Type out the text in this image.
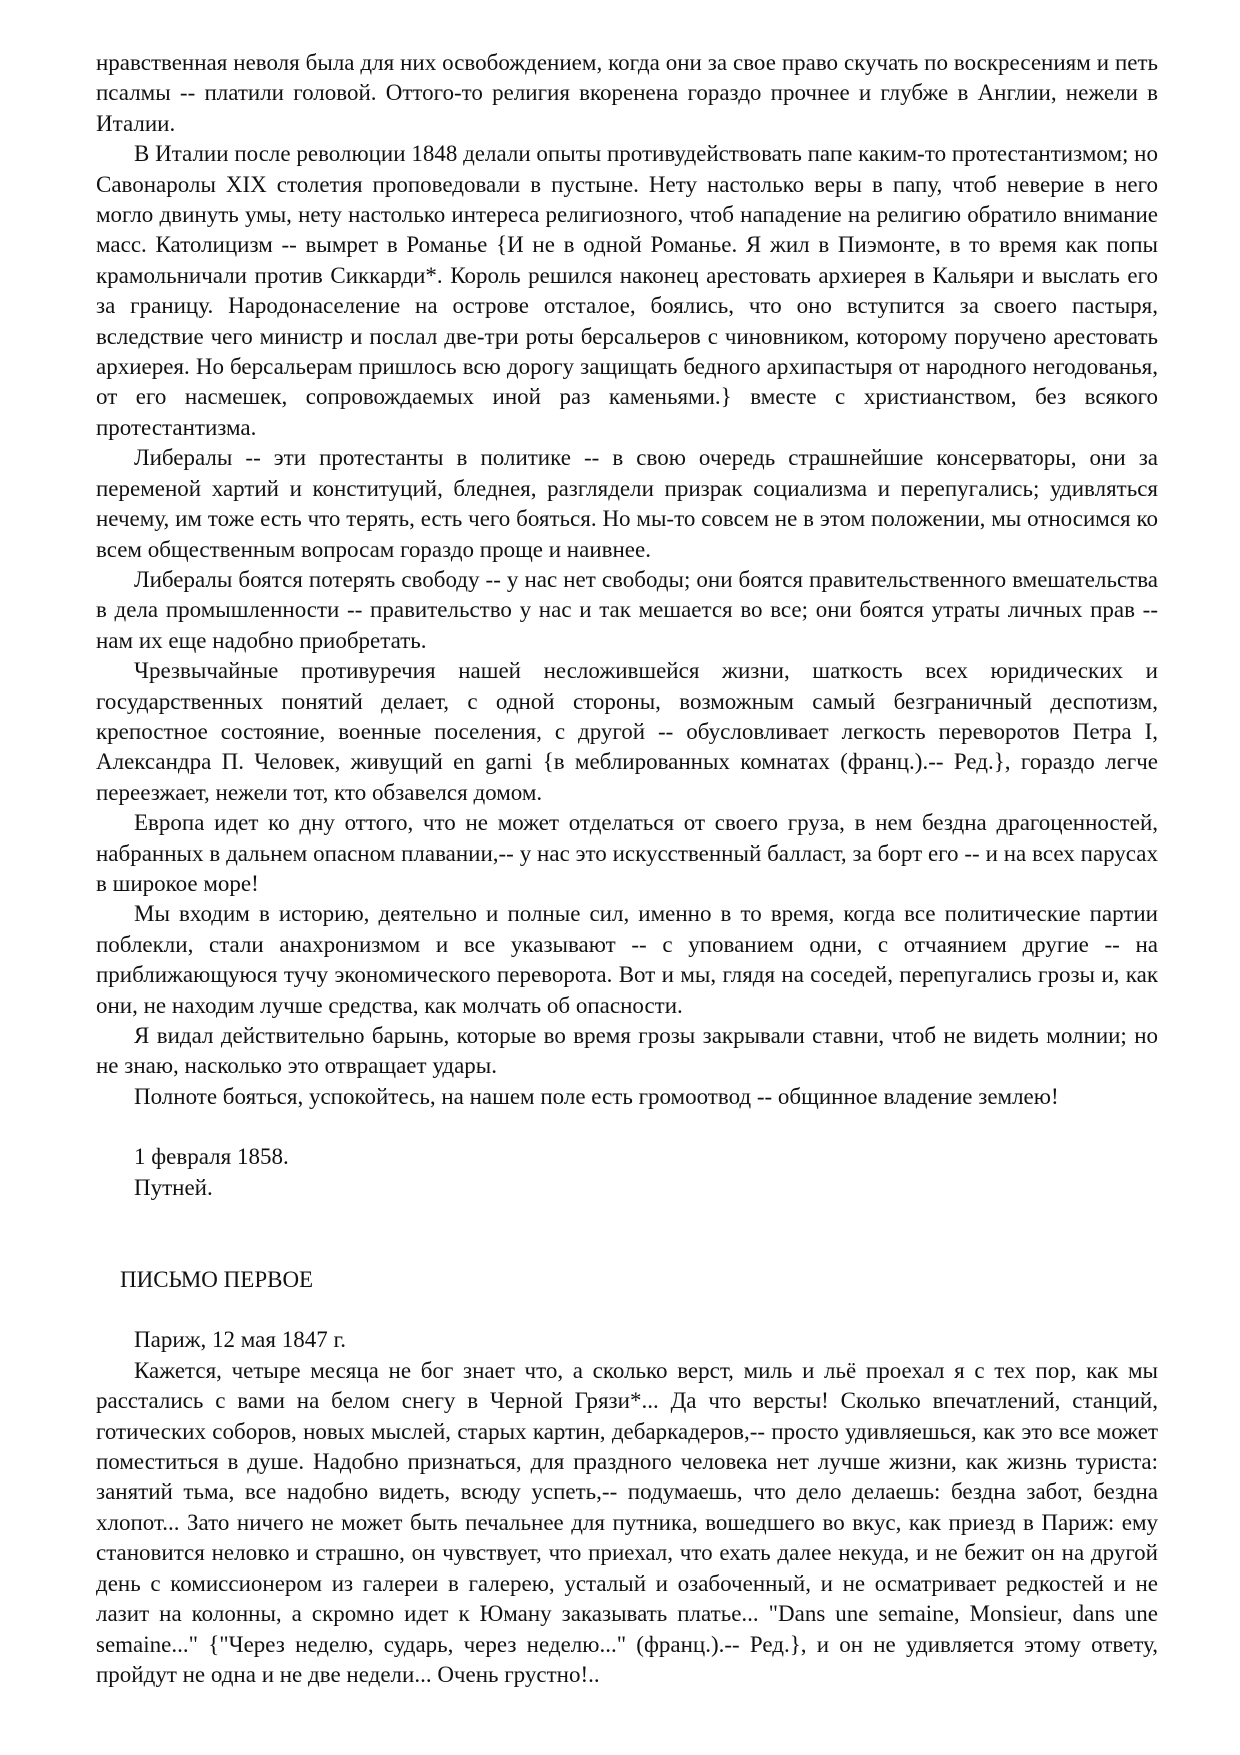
нравственная неволя была для них освобождением, когда они за свое право скучать по воскресениям и петь псалмы -- платили головой. Оттого-то религия вкоренена гораздо прочнее и глубже в Англии, нежели в Италии.

В Италии после революции 1848 делали опыты противудействовать папе каким-то протестантизмом; но Савонаролы XIX столетия проповедовали в пустыне. Нету настолько веры в папу, чтоб неверие в него могло двинуть умы, нету настолько интереса религиозного, чтоб нападение на религию обратило внимание масс. Католицизм -- вымрет в Романье {И не в одной Романье. Я жил в Пиэмонте, в то время как попы крамольничали против Сиккарди*. Король решился наконец арестовать архиерея в Кальяри и выслать его за границу. Народонаселение на острове отсталое, боялись, что оно вступится за своего пастыря, вследствие чего министр и послал две-три роты берсальеров с чиновником, которому поручено арестовать архиерея. Но берсальерам пришлось всю дорогу защищать бедного архипастыря от народного негодованья, от его насмешек, сопровождаемых иной раз каменьями.} вместе с христианством, без всякого протестантизма.

Либералы -- эти протестанты в политике -- в свою очередь страшнейшие консерваторы, они за переменой хартий и конституций, бледнея, разглядели призрак социализма и перепугались; удивляться нечему, им тоже есть что терять, есть чего бояться. Но мы-то совсем не в этом положении, мы относимся ко всем общественным вопросам гораздо проще и наивнее.

Либералы боятся потерять свободу -- у нас нет свободы; они боятся правительственного вмешательства в дела промышленности -- правительство у нас и так мешается во все; они боятся утраты личных прав -- нам их еще надобно приобретать.

Чрезвычайные противуречия нашей несложившейся жизни, шаткость всех юридических и государственных понятий делает, с одной стороны, возможным самый безграничный деспотизм, крепостное состояние, военные поселения, с другой -- обусловливает легкость переворотов Петра I, Александра П. Человек, живущий en garni {в меблированных комнатах (франц.).-- Ред.}, гораздо легче переезжает, нежели тот, кто обзавелся домом.

Европа идет ко дну оттого, что не может отделаться от своего груза, в нем бездна драгоценностей, набранных в дальнем опасном плавании,-- у нас это искусственный балласт, за борт его -- и на всех парусах в широкое море!

Мы входим в историю, деятельно и полные сил, именно в то время, когда все политические партии поблекли, стали анахронизмом и все указывают -- с упованием одни, с отчаянием другие -- на приближающуюся тучу экономического переворота. Вот и мы, глядя на соседей, перепугались грозы и, как они, не находим лучше средства, как молчать об опасности.

Я видал действительно барынь, которые во время грозы закрывали ставни, чтоб не видеть молнии; но не знаю, насколько это отвращает удары.

Полноте бояться, успокойтесь, на нашем поле есть громоотвод -- общинное владение землею!

1 февраля 1858.

Путней.

ПИСЬМО ПЕРВОЕ

Париж, 12 мая 1847 г.

Кажется, четыре месяца не бог знает что, а сколько верст, миль и льё проехал я с тех пор, как мы расстались с вами на белом снегу в Черной Грязи*... Да что версты! Сколько впечатлений, станций, готических соборов, новых мыслей, старых картин, дебаркадеров,-- просто удивляешься, как это все может поместиться в душе. Надобно признаться, для праздного человека нет лучше жизни, как жизнь туриста: занятий тьма, все надобно видеть, всюду успеть,-- подумаешь, что дело делаешь: бездна забот, бездна хлопот... Зато ничего не может быть печальнее для путника, вошедшего во вкус, как приезд в Париж: ему становится неловко и страшно, он чувствует, что приехал, что ехать далее некуда, и не бежит он на другой день с комиссионером из галереи в галерею, усталый и озабоченный, и не осматривает редкостей и не лазит на колонны, а скромно идет к Юману заказывать платье... "Dans une semaine, Monsieur, dans une semaine..." {"Через неделю, сударь, через неделю..." (франц.).-- Ред.}, и он не удивляется этому ответу, пройдут не одна и не две недели... Очень грустно!..
